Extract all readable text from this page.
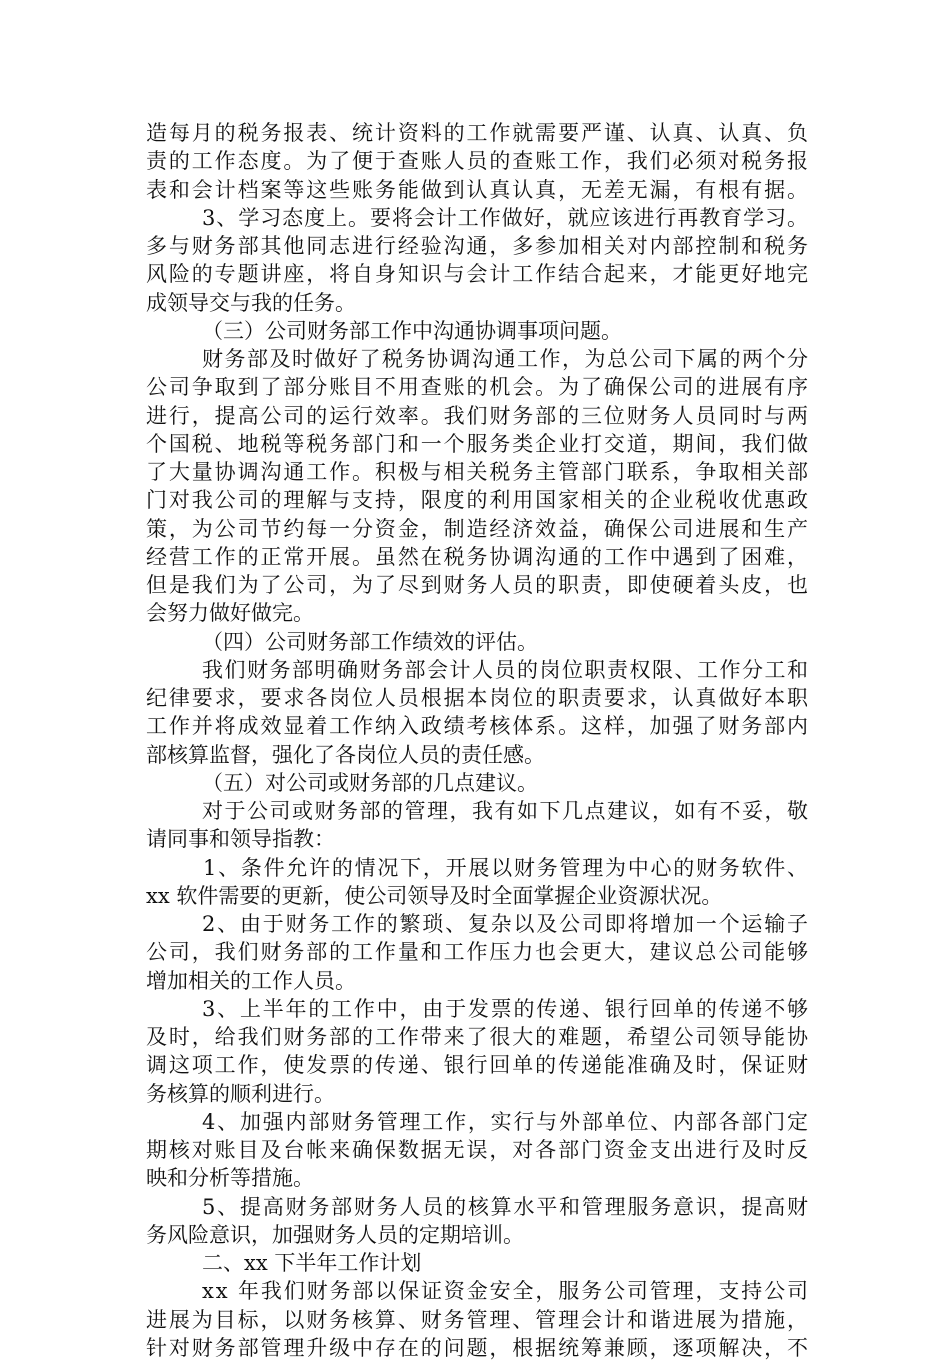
造每月的税务报表、统计资料的工作就需要严谨、认真、认真、负
责的工作态度。为了便于查账人员的查账工作，我们必须对税务报
表和会计档案等这些账务能做到认真认真，无差无漏，有根有据。
3、学习态度上。要将会计工作做好，就应该进行再教育学习。
多与财务部其他同志进行经验沟通，多参加相关对内部控制和税务
风险的专题讲座，将自身知识与会计工作结合起来，才能更好地完
成领导交与我的任务。
（三）公司财务部工作中沟通协调事项问题。
财务部及时做好了税务协调沟通工作，为总公司下属的两个分
公司争取到了部分账目不用查账的机会。为了确保公司的进展有序
进行，提高公司的运行效率。我们财务部的三位财务人员同时与两
个国税、地税等税务部门和一个服务类企业打交道，期间，我们做
了大量协调沟通工作。积极与相关税务主管部门联系，争取相关部
门对我公司的理解与支持，限度的利用国家相关的企业税收优惠政
策，为公司节约每一分资金，制造经济效益，确保公司进展和生产
经营工作的正常开展。虽然在税务协调沟通的工作中遇到了困难，
但是我们为了公司，为了尽到财务人员的职责，即使硬着头皮，也
会努力做好做完。
（四）公司财务部工作绩效的评估。
我们财务部明确财务部会计人员的岗位职责权限、工作分工和
纪律要求，要求各岗位人员根据本岗位的职责要求，认真做好本职
工作并将成效显着工作纳入政绩考核体系。这样，加强了财务部内
部核算监督，强化了各岗位人员的责任感。
（五）对公司或财务部的几点建议。
对于公司或财务部的管理，我有如下几点建议，如有不妥，敬
请同事和领导指教：
1、条件允许的情况下，开展以财务管理为中心的财务软件、
xx 软件需要的更新，使公司领导及时全面掌握企业资源状况。
2、由于财务工作的繁琐、复杂以及公司即将增加一个运输子
公司，我们财务部的工作量和工作压力也会更大，建议总公司能够
增加相关的工作人员。
3、上半年的工作中，由于发票的传递、银行回单的传递不够
及时，给我们财务部的工作带来了很大的难题，希望公司领导能协
调这项工作，使发票的传递、银行回单的传递能准确及时，保证财
务核算的顺利进行。
4、加强内部财务管理工作，实行与外部单位、内部各部门定
期核对账目及台帐来确保数据无误，对各部门资金支出进行及时反
映和分析等措施。
5、提高财务部财务人员的核算水平和管理服务意识，提高财
务风险意识，加强财务人员的定期培训。
二、xx 下半年工作计划
xx 年我们财务部以保证资金安全，服务公司管理，支持公司
进展为目标，以财务核算、财务管理、管理会计和谐进展为措施，
针对财务部管理升级中存在的问题，根据统筹兼顾，逐项解决，不
